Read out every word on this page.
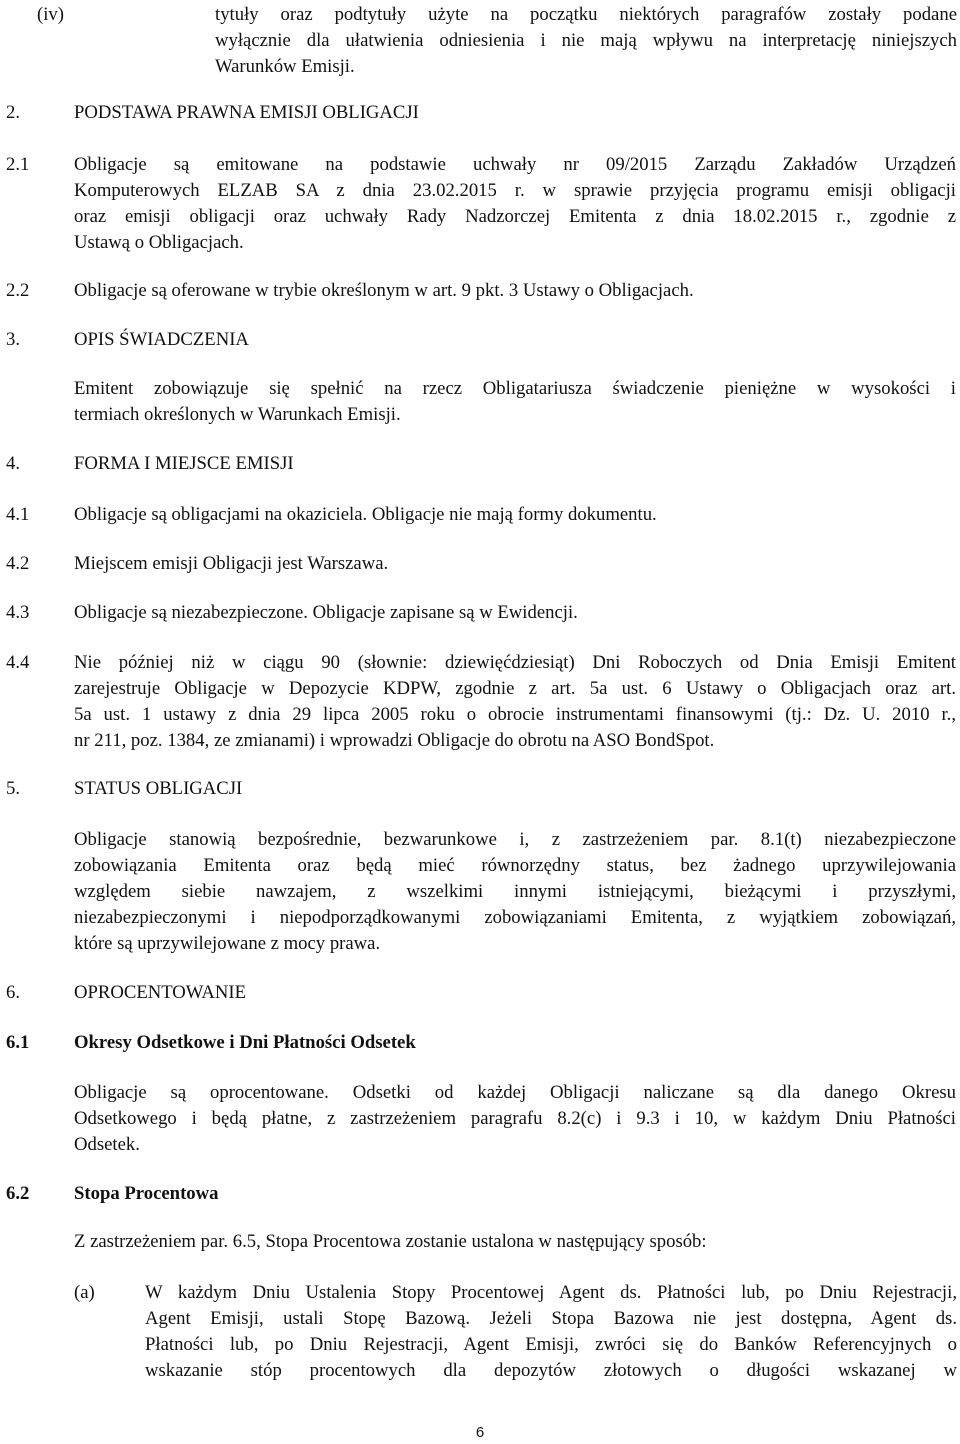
(iv)	tytuły oraz podtytuły użyte na początku niektórych paragrafów zostały podane
wyłącznie dla ułatwienia odniesienia i nie mają wpływu na interpretację niniejszych
Warunków Emisji.
2.	PODSTAWA PRAWNA EMISJI OBLIGACJI
2.1 Obligacje są emitowane na podstawie uchwały nr 09/2015 Zarządu Zakładów Urządzeń
Komputerowych ELZAB SA z dnia 23.02.2015 r. w sprawie przyjęcia programu emisji obligacji
oraz emisji obligacji oraz uchwały Rady Nadzorczej Emitenta z dnia 18.02.2015 r., zgodnie z
Ustawą o Obligacjach.
2.2 Obligacje są oferowane w trybie określonym w art. 9 pkt. 3 Ustawy o Obligacjach.
3.	OPIS ŚWIADCZENIA
Emitent zobowiązuje się spełnić na rzecz Obligatariusza świadczenie pieniężne w wysokości i
termiach określonych w Warunkach Emisji.
4.	FORMA I MIEJSCE EMISJI
4.1 Obligacje są obligacjami na okaziciela. Obligacje nie mają formy dokumentu.
4.2 Miejscem emisji Obligacji jest Warszawa.
4.3 Obligacje są niezabezpieczone. Obligacje zapisane są w Ewidencji.
4.4 Nie później niż w ciągu 90 (słownie: dziewięćdziesiąt) Dni Roboczych od Dnia Emisji Emitent
zarejestruje Obligacje w Depozycie KDPW, zgodnie z art. 5a ust. 6 Ustawy o Obligacjach oraz art.
5a ust. 1 ustawy z dnia 29 lipca 2005 roku o obrocie instrumentami finansowymi (tj.: Dz. U. 2010 r.,
nr 211, poz. 1384, ze zmianami) i wprowadzi Obligacje do obrotu na ASO BondSpot.
5.	STATUS OBLIGACJI
Obligacje stanowią bezpośrednie, bezwarunkowe i, z zastrzeżeniem par. 8.1(t) niezabezpieczone
zobowiązania Emitenta oraz będą mieć równorzędny status, bez żadnego uprzywilejowania
względem siebie nawzajem, z wszelkimi innymi istniejącymi, bieżącymi i przyszłymi,
niezabezpieczonymi i niepodporządkowanymi zobowiązaniami Emitenta, z wyjątkiem zobowiązań,
które są uprzywilejowane z mocy prawa.
6.	OPROCENTOWANIE
6.1 Okresy Odsetkowe i Dni Płatności Odsetek
Obligacje są oprocentowane. Odsetki od każdej Obligacji naliczane są dla danego Okresu
Odsetkowego i będą płatne, z zastrzeżeniem paragrafu 8.2(c) i 9.3 i 10, w każdym Dniu Płatności
Odsetek.
6.2 Stopa Procentowa
Z zastrzeżeniem par. 6.5, Stopa Procentowa zostanie ustalona w następujący sposób:
(a)	W każdym Dniu Ustalenia Stopy Procentowej Agent ds. Płatności lub, po Dniu Rejestracji,
Agent Emisji, ustali Stopę Bazową. Jeżeli Stopa Bazowa nie jest dostępna, Agent ds.
Płatności lub, po Dniu Rejestracji, Agent Emisji, zwróci się do Banków Referencyjnych o
wskazanie stóp procentowych dla depozytów złotowych o długości wskazanej w
6
